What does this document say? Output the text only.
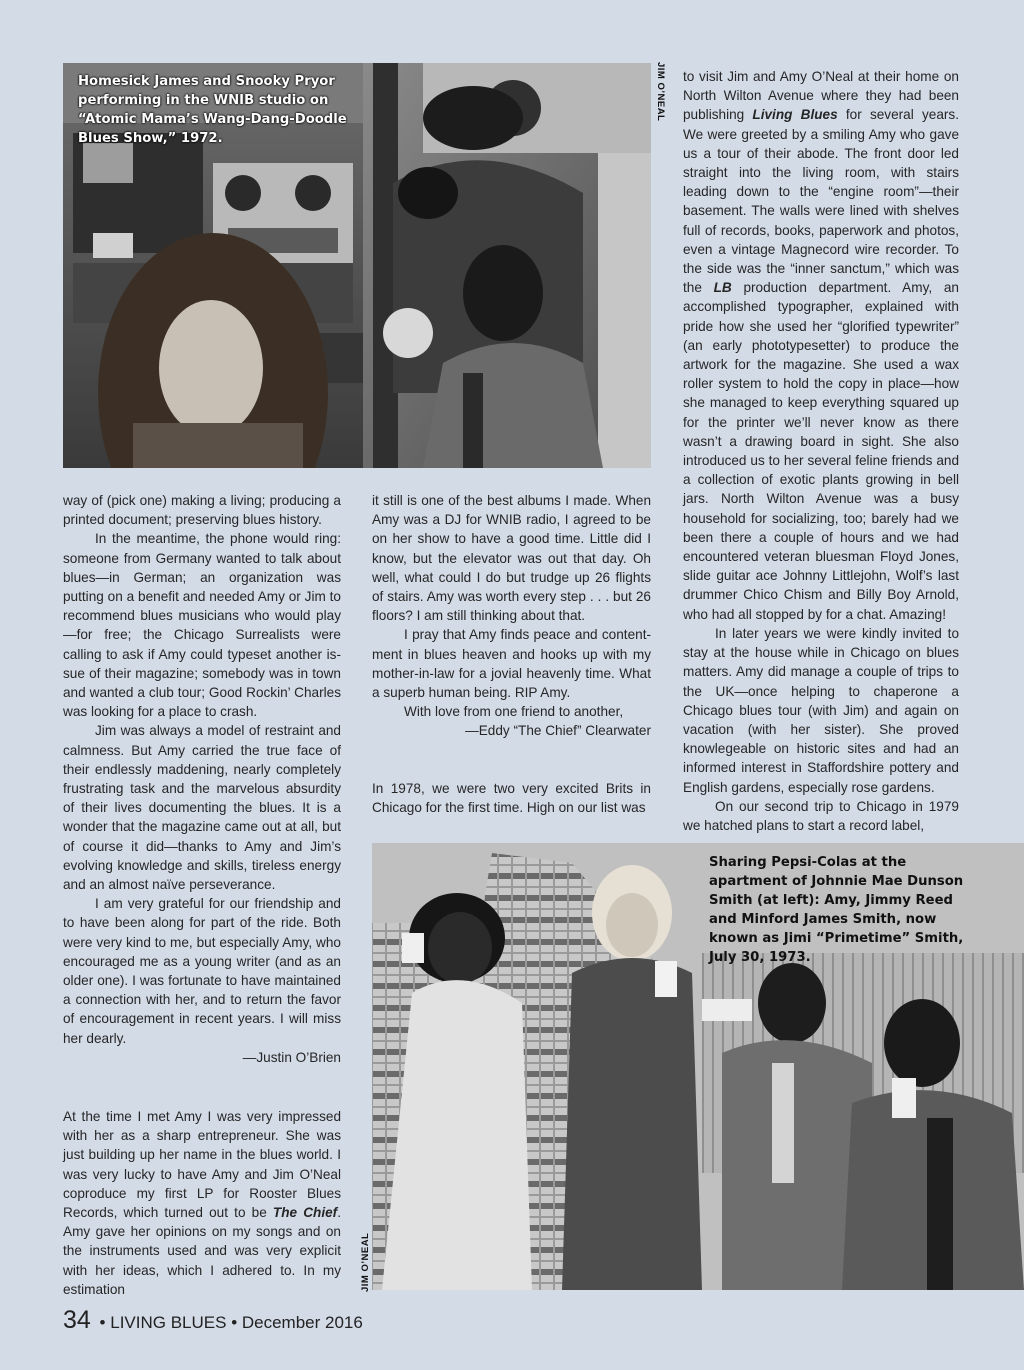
Homesick James and Snooky Pryor performing in the WNIB studio on “Atomic Mama’s Wang-Dang-Doodle Blues Show,” 1972.
JIM O’NEAL

way of (pick one) making a living; producing a printed document; preserving blues history.

In the meantime, the phone would ring: someone from Germany wanted to talk about blues—in German; an organization was putting on a benefit and needed Amy or Jim to recommend blues musicians who would play—for free; the Chicago Surrealists were calling to ask if Amy could typeset another issue of their magazine; somebody was in town and wanted a club tour; Good Rockin’ Charles was looking for a place to crash.

Jim was always a model of restraint and calmness. But Amy carried the true face of their endlessly maddening, nearly completely frustrating task and the marvelous absurdity of their lives documenting the blues. It is a wonder that the magazine came out at all, but of course it did—thanks to Amy and Jim’s evolving knowledge and skills, tireless energy and an almost naïve perseverance.

I am very grateful for our friendship and to have been along for part of the ride. Both were very kind to me, but especially Amy, who encouraged me as a young writer (and as an older one). I was fortunate to have maintained a connection with her, and to return the favor of encouragement in recent years. I will miss her dearly.

—Justin O’Brien

At the time I met Amy I was very impressed with her as a sharp entrepreneur. She was just building up her name in the blues world. I was very lucky to have Amy and Jim O’Neal coproduce my first LP for Rooster Blues Records, which turned out to be The Chief. Amy gave her opinions on my songs and on the instruments used and was very explicit with her ideas, which I adhered to. In my estimation

it still is one of the best albums I made. When Amy was a DJ for WNIB radio, I agreed to be on her show to have a good time. Little did I know, but the elevator was out that day. Oh well, what could I do but trudge up 26 flights of stairs. Amy was worth every step . . . but 26 floors? I am still thinking about that.

I pray that Amy finds peace and contentment in blues heaven and hooks up with my mother-in-law for a jovial heavenly time. What a superb human being. RIP Amy.

With love from one friend to another,

—Eddy “The Chief” Clearwater

In 1978, we were two very excited Brits in Chicago for the first time. High on our list was

to visit Jim and Amy O’Neal at their home on North Wilton Avenue where they had been publishing Living Blues for several years. We were greeted by a smiling Amy who gave us a tour of their abode. The front door led straight into the living room, with stairs leading down to the “engine room”—their basement. The walls were lined with shelves full of records, books, paperwork and photos, even a vintage Magnecord wire recorder. To the side was the “inner sanctum,” which was the LB production department. Amy, an accomplished typographer, explained with pride how she used her “glorified typewriter” (an early phototypesetter) to produce the artwork for the magazine. She used a wax roller system to hold the copy in place—how she managed to keep everything squared up for the printer we’ll never know as there wasn’t a drawing board in sight. She also introduced us to her several feline friends and a collection of exotic plants growing in bell jars. North Wilton Avenue was a busy household for socializing, too; barely had we been there a couple of hours and we had encountered veteran bluesman Floyd Jones, slide guitar ace Johnny Littlejohn, Wolf’s last drummer Chico Chism and Billy Boy Arnold, who had all stopped by for a chat. Amazing!

In later years we were kindly invited to stay at the house while in Chicago on blues matters. Amy did manage a couple of trips to the UK—once helping to chaperone a Chicago blues tour (with Jim) and again on vacation (with her sister). She proved knowlegeable on historic sites and had an informed interest in Staffordshire pottery and English gardens, especially rose gardens.

On our second trip to Chicago in 1979 we hatched plans to start a record label,

Sharing Pepsi-Colas at the apartment of Johnnie Mae Dunson Smith (at left): Amy, Jimmy Reed and Minford James Smith, now known as Jimi “Primetime” Smith, July 30, 1973.
JIM O’NEAL
34 • LIVING BLUES • December 2016
